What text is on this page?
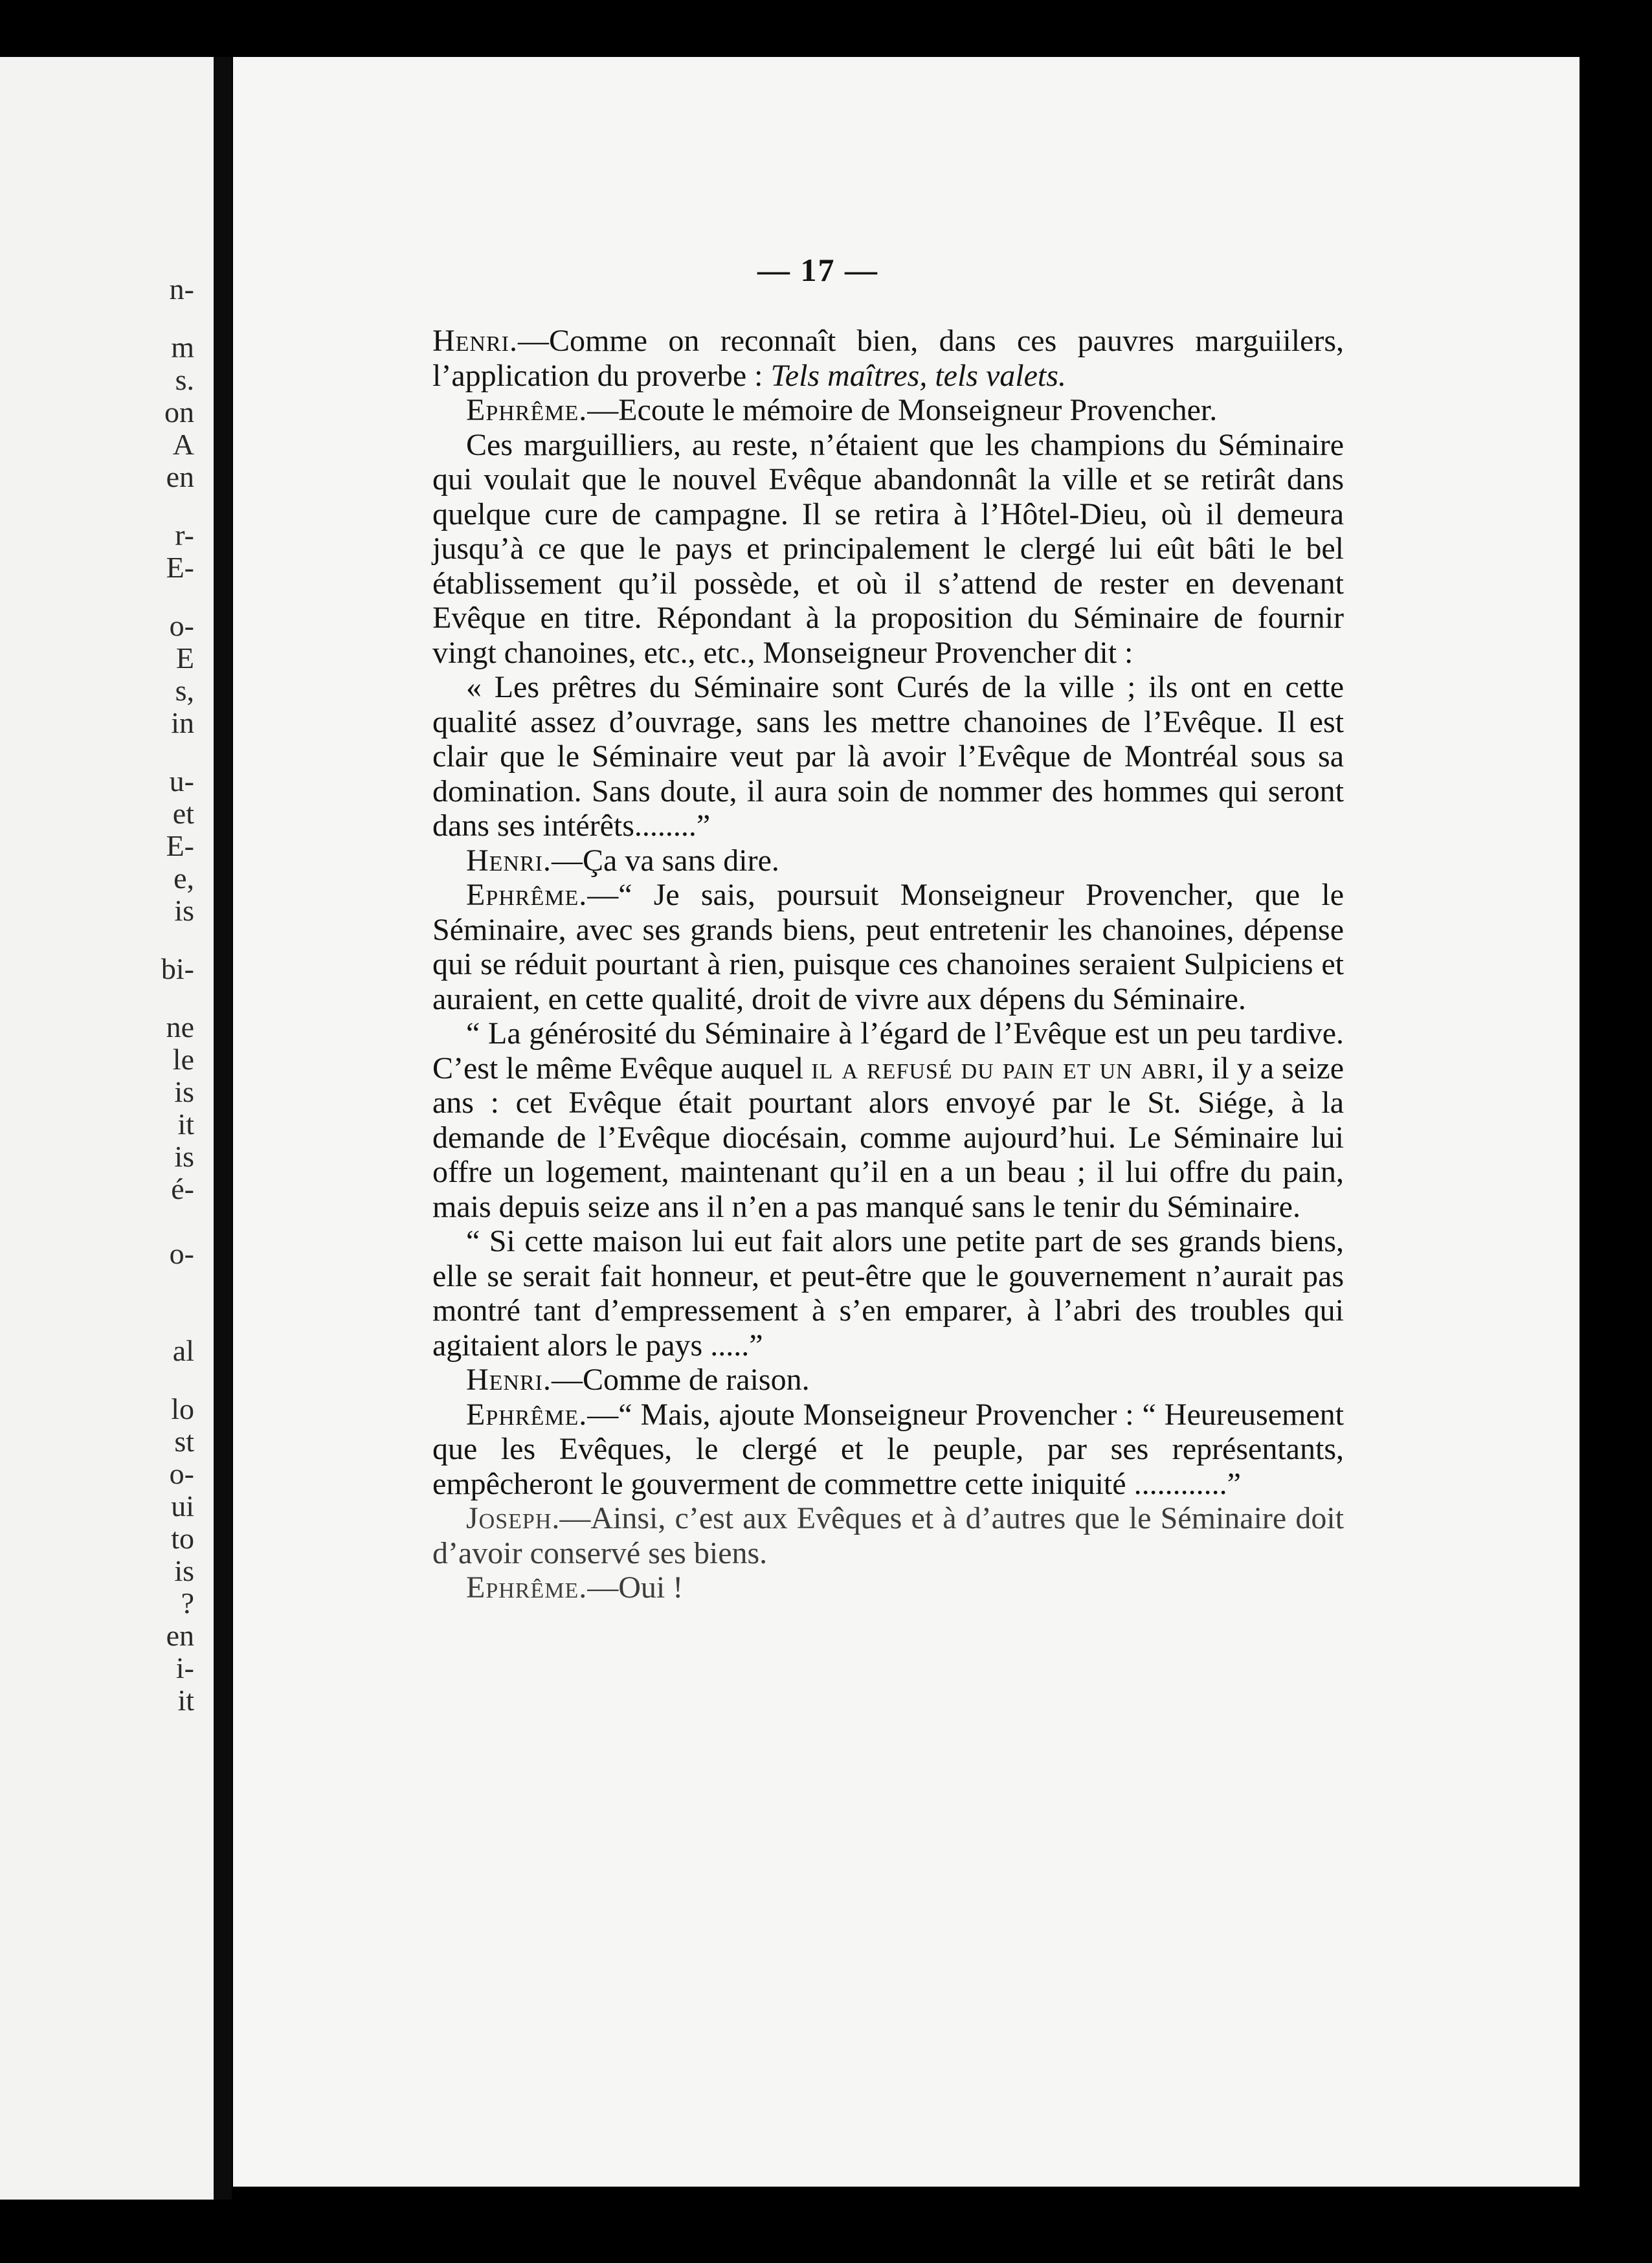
n-
m
s.
on
A
en
r-
E-
o-
E
s,
in
u-
et
E-
e,
is
bi-
ne
le
is
it
is
é-
o-
al
lo
st
o-
ui
to
is
?
en
i-
it
— 17 —

Henri.—Comme on reconnaît bien, dans ces pauvres marguiilers, l’application du proverbe : Tels maîtres, tels valets.

Ephrême.—Ecoute le mémoire de Monseigneur Provencher.

Ces marguilliers, au reste, n’étaient que les champions du Séminaire qui voulait que le nouvel Evêque abandonnât la ville et se retirât dans quelque cure de campagne. Il se retira à l’Hôtel-Dieu, où il demeura jusqu’à ce que le pays et principalement le clergé lui eût bâti le bel établissement qu’il possède, et où il s’attend de rester en devenant Evêque en titre. Répondant à la proposition du Séminaire de fournir vingt chanoines, etc., etc., Monseigneur Provencher dit :

« Les prêtres du Séminaire sont Curés de la ville ; ils ont en cette qualité assez d’ouvrage, sans les mettre chanoines de l’Evêque. Il est clair que le Séminaire veut par là avoir l’Evêque de Montréal sous sa domination. Sans doute, il aura soin de nommer des hommes qui seront dans ses intérêts........”

Henri.—Ça va sans dire.

Ephrême.—“ Je sais, poursuit Monseigneur Provencher, que le Séminaire, avec ses grands biens, peut entretenir les chanoines, dépense qui se réduit pourtant à rien, puisque ces chanoines seraient Sulpiciens et auraient, en cette qualité, droit de vivre aux dépens du Séminaire.

“ La générosité du Séminaire à l’égard de l’Evêque est un peu tardive. C’est le même Evêque auquel il a refusé du pain et un abri, il y a seize ans : cet Evêque était pourtant alors envoyé par le St. Siége, à la demande de l’Evêque diocésain, comme aujourd’hui. Le Séminaire lui offre un logement, maintenant qu’il en a un beau ; il lui offre du pain, mais depuis seize ans il n’en a pas manqué sans le tenir du Séminaire.

“ Si cette maison lui eut fait alors une petite part de ses grands biens, elle se serait fait honneur, et peut-être que le gouvernement n’aurait pas montré tant d’empressement à s’en emparer, à l’abri des troubles qui agitaient alors le pays .....”

Henri.—Comme de raison.

Ephrême.—“ Mais, ajoute Monseigneur Provencher : “ Heureusement que les Evêques, le clergé et le peuple, par ses représentants, empêcheront le gouverment de commettre cette iniquité ............”

Joseph.—Ainsi, c’est aux Evêques et à d’autres que le Séminaire doit d’avoir conservé ses biens.

Ephrême.—Oui !
